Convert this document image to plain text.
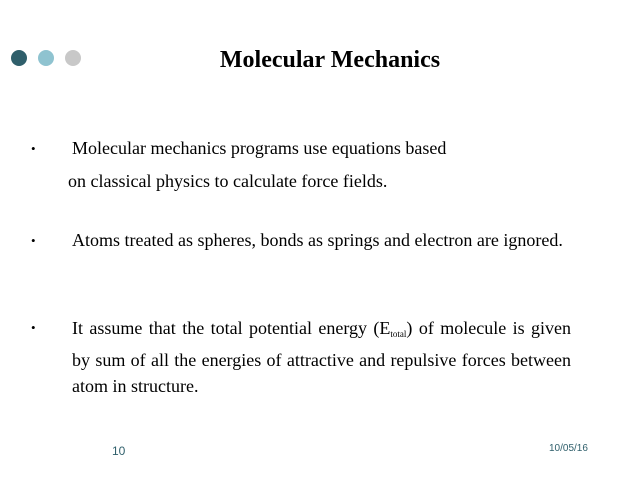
Molecular Mechanics
• Molecular mechanics programs use equations based
on classical physics to calculate force fields.
• Atoms treated as spheres, bonds as springs and electron are ignored.
• It assume that the total potential energy $(E_{total})$ of molecule is given by sum of all the energies of attractive and repulsive forces between atom in structure.
10	10/05/16
